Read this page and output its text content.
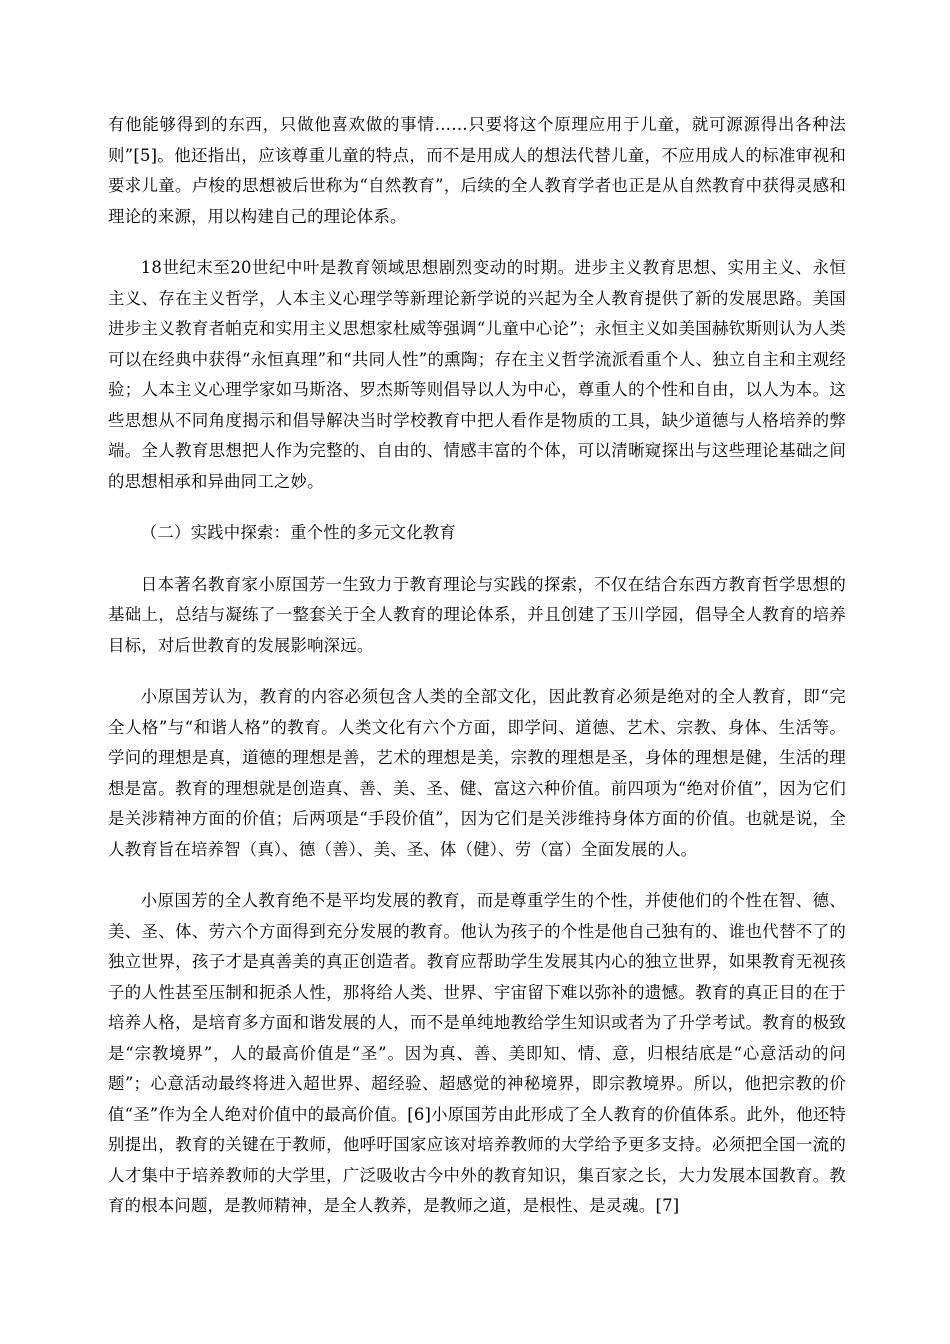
有他能够得到的东西，只做他喜欢做的事情……只要将这个原理应用于儿童，就可源源得出各种法则”[5]。他还指出，应该尊重儿童的特点，而不是用成人的想法代替儿童，不应用成人的标准审视和要求儿童。卢梭的思想被后世称为“自然教育”，后续的全人教育学者也正是从自然教育中获得灵感和理论的来源，用以构建自己的理论体系。

18世纪末至20世纪中叶是教育领域思想剧烈变动的时期。进步主义教育思想、实用主义、永恒主义、存在主义哲学，人本主义心理学等新理论新学说的兴起为全人教育提供了新的发展思路。美国进步主义教育者帕克和实用主义思想家杜威等强调“儿童中心论”；永恒主义如美国赫钦斯则认为人类可以在经典中获得“永恒真理”和“共同人性”的熏陶；存在主义哲学流派看重个人、独立自主和主观经验；人本主义心理学家如马斯洛、罗杰斯等则倡导以人为中心，尊重人的个性和自由，以人为本。这些思想从不同角度揭示和倡导解决当时学校教育中把人看作是物质的工具，缺少道德与人格培养的弊端。全人教育思想把人作为完整的、自由的、情感丰富的个体，可以清晰窥探出与这些理论基础之间的思想相承和异曲同工之妙。

（二）实践中探索：重个性的多元文化教育

日本著名教育家小原国芳一生致力于教育理论与实践的探索，不仅在结合东西方教育哲学思想的基础上，总结与凝练了一整套关于全人教育的理论体系，并且创建了玉川学园，倡导全人教育的培养目标，对后世教育的发展影响深远。

小原国芳认为，教育的内容必须包含人类的全部文化，因此教育必须是绝对的全人教育，即“完全人格”与“和谐人格”的教育。人类文化有六个方面，即学问、道德、艺术、宗教、身体、生活等。学问的理想是真，道德的理想是善，艺术的理想是美，宗教的理想是圣，身体的理想是健，生活的理想是富。教育的理想就是创造真、善、美、圣、健、富这六种价值。前四项为“绝对价值”，因为它们是关涉精神方面的价值；后两项是“手段价值”，因为它们是关涉维持身体方面的价值。也就是说，全人教育旨在培养智（真）、德（善）、美、圣、体（健）、劳（富）全面发展的人。

小原国芳的全人教育绝不是平均发展的教育，而是尊重学生的个性，并使他们的个性在智、德、美、圣、体、劳六个方面得到充分发展的教育。他认为孩子的个性是他自己独有的、谁也代替不了的独立世界，孩子才是真善美的真正创造者。教育应帮助学生发展其内心的独立世界，如果教育无视孩子的人性甚至压制和扼杀人性，那将给人类、世界、宇宙留下难以弥补的遗憾。教育的真正目的在于培养人格，是培育多方面和谐发展的人，而不是单纯地教给学生知识或者为了升学考试。教育的极致是“宗教境界”，人的最高价值是“圣”。因为真、善、美即知、情、意，归根结底是“心意活动的问题”；心意活动最终将进入超世界、超经验、超感觉的神秘境界，即宗教境界。所以，他把宗教的价值“圣”作为全人绝对价值中的最高价值。[6]小原国芳由此形成了全人教育的价值体系。此外，他还特别提出，教育的关键在于教师，他呼吁国家应该对培养教师的大学给予更多支持。必须把全国一流的人才集中于培养教师的大学里，广泛吸收古今中外的教育知识，集百家之长，大力发展本国教育。教育的根本问题，是教师精神，是全人教养，是教师之道，是根性、是灵魂。[7]
